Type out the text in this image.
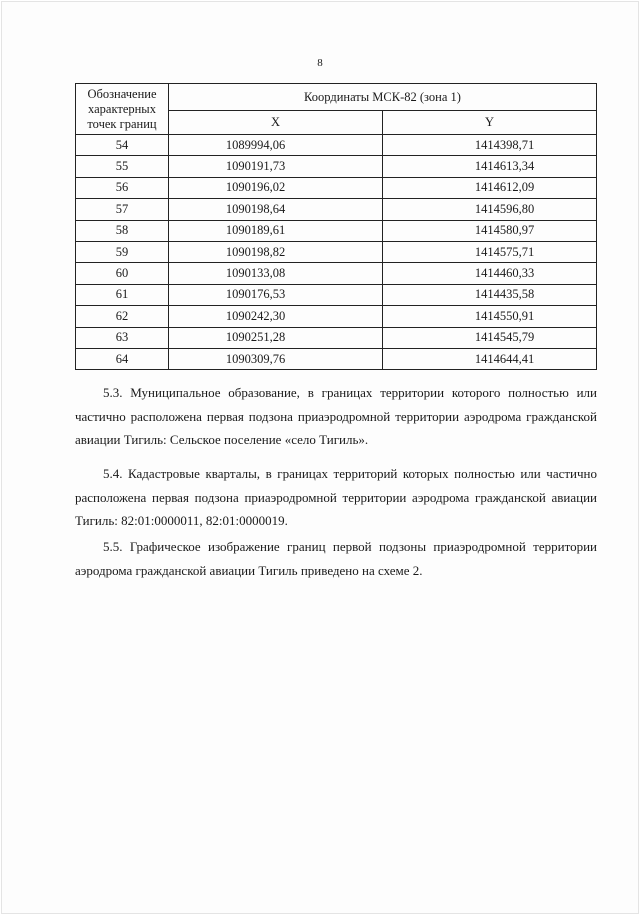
8
Обозначение характерных точек границ	Координаты МСК-82 (зона 1)	
	X	Y
54	1089994,06	1414398,71
55	1090191,73	1414613,34
56	1090196,02	1414612,09
57	1090198,64	1414596,80
58	1090189,61	1414580,97
59	1090198,82	1414575,71
60	1090133,08	1414460,33
61	1090176,53	1414435,58
62	1090242,30	1414550,91
63	1090251,28	1414545,79
64	1090309,76	1414644,41
5.3. Муниципальное образование, в границах территории которого полностью или частично расположена первая подзона приаэродромной территории аэродрома гражданской авиации Тигиль: Сельское поселение «село Тигиль».
5.4. Кадастровые кварталы, в границах территорий которых полностью или частично расположена первая подзона приаэродромной территории аэродрома гражданской авиации Тигиль: 82:01:0000011, 82:01:0000019.
5.5. Графическое изображение границ первой подзоны приаэродромной территории аэродрома гражданской авиации Тигиль приведено на схеме 2.
